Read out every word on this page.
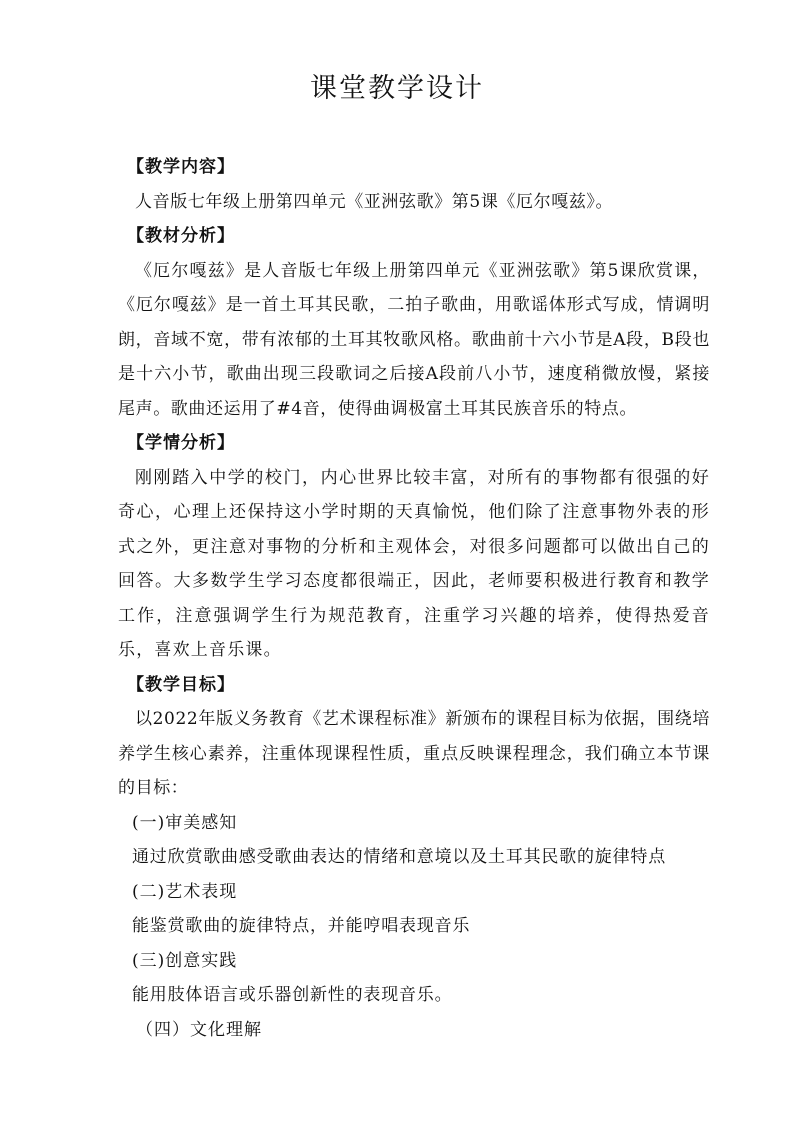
课堂教学设计

【教学内容】

人音版七年级上册第四单元《亚洲弦歌》第5课《厄尔嘎兹》。

【教材分析】

《厄尔嘎兹》是人音版七年级上册第四单元《亚洲弦歌》第5课欣赏课，《厄尔嘎兹》是一首土耳其民歌，二拍子歌曲，用歌谣体形式写成，情调明朗，音域不宽，带有浓郁的土耳其牧歌风格。歌曲前十六小节是A段，B段也是十六小节，歌曲出现三段歌词之后接A段前八小节，速度稍微放慢，紧接尾声。歌曲还运用了#4音，使得曲调极富土耳其民族音乐的特点。

【学情分析】

刚刚踏入中学的校门，内心世界比较丰富，对所有的事物都有很强的好奇心，心理上还保持这小学时期的天真愉悦，他们除了注意事物外表的形式之外，更注意对事物的分析和主观体会，对很多问题都可以做出自己的回答。大多数学生学习态度都很端正，因此，老师要积极进行教育和教学工作，注意强调学生行为规范教育，注重学习兴趣的培养，使得热爱音乐，喜欢上音乐课。

【教学目标】

以2022年版义务教育《艺术课程标准》新颁布的课程目标为依据，围绕培养学生核心素养，注重体现课程性质，重点反映课程理念，我们确立本节课的目标：

(一)审美感知

通过欣赏歌曲感受歌曲表达的情绪和意境以及土耳其民歌的旋律特点

(二)艺术表现

能鉴赏歌曲的旋律特点，并能哼唱表现音乐

(三)创意实践

能用肢体语言或乐器创新性的表现音乐。

（四）文化理解
